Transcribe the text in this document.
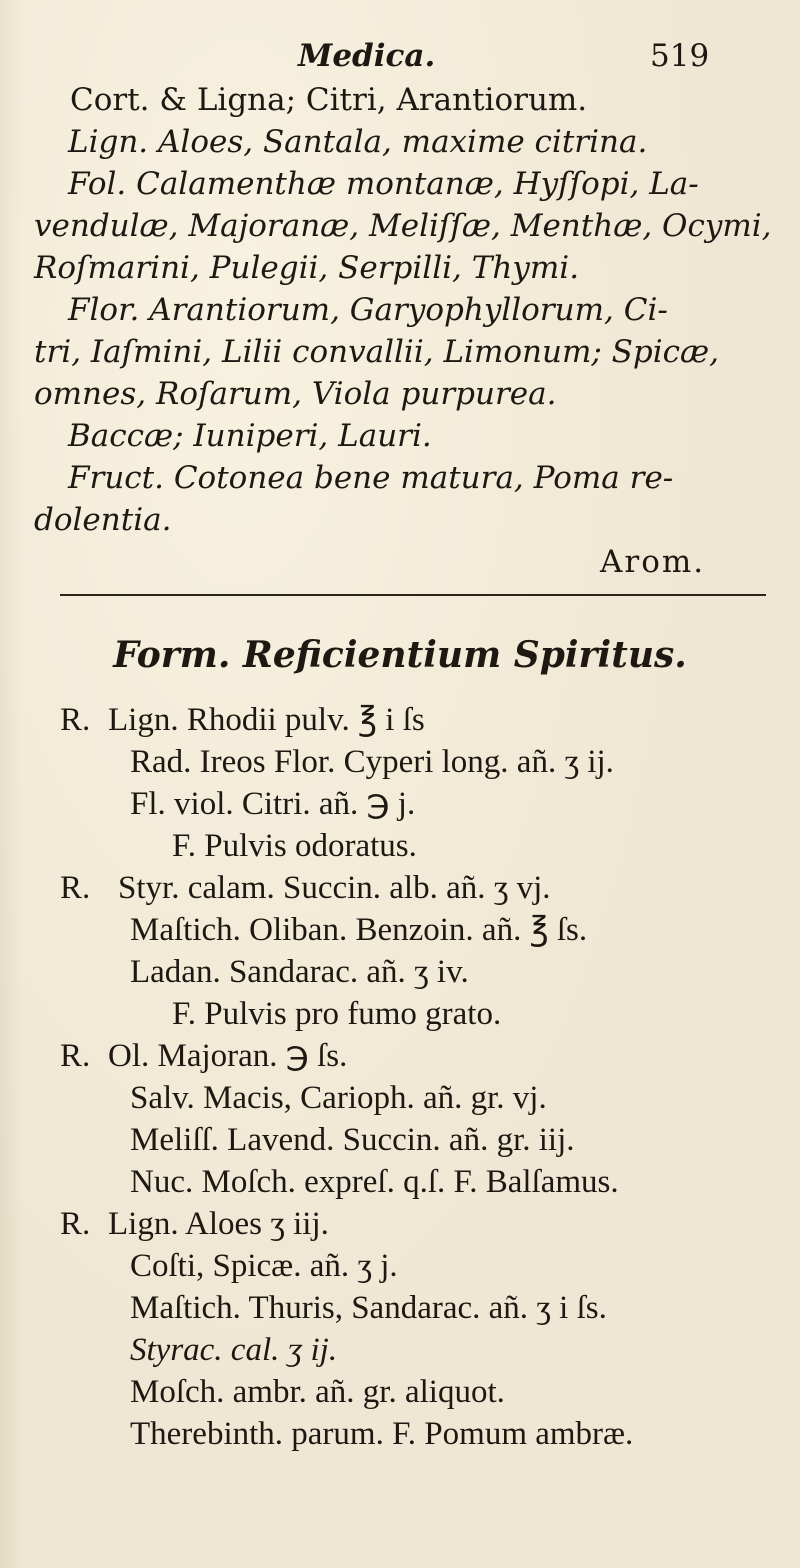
Medica.	519
Cort. & Ligna; Citri, Arantiorum.
Lign. Aloes, Santala, maxime citrina.
Fol. Calamenthæ montanæ, Hyſſopi, La-
vendulæ, Majoranæ, Meliſſæ, Menthæ, Ocymi,
Roſmarini, Pulegii, Serpilli, Thymi.
Flor. Arantiorum, Garyophyllorum, Ci-
tri, Iaſmini, Lilii convallii, Limonum; Spicæ,
omnes, Roſarum, Viola purpurea.
Baccæ; Iuniperi, Lauri.
Fruct. Cotonea bene matura, Poma re-
dolentia.
Arom.
Form. Reficientium Spiritus.
R. Lign. Rhodii pulv. ℥ i ſs
Rad. Ireos Flor. Cyperi long. añ. ʒ ij.
Fl. viol. Citri. añ. ℈ j.
F. Pulvis odoratus.
R. Styr. calam. Succin. alb. añ. ʒ vj.
Maſtich. Oliban. Benzoin. añ. ℥ ſs.
Ladan. Sandarac. añ. ʒ iv.
F. Pulvis pro fumo grato.
R. Ol. Majoran. ℈ ſs.
Salv. Macis, Carioph. añ. gr. vj.
Meliſſ. Lavend. Succin. añ. gr. iij.
Nuc. Moſch. expreſ. q.ſ. F. Balſamus.
R. Lign. Aloes ʒ iij.
Coſti, Spicæ. añ. ʒ j.
Maſtich. Thuris, Sandarac. añ. ʒ i ſs.
Styrac. cal. ʒ ij.
Moſch. ambr. añ. gr. aliquot.
Therebinth. parum. F. Pomum ambræ.
